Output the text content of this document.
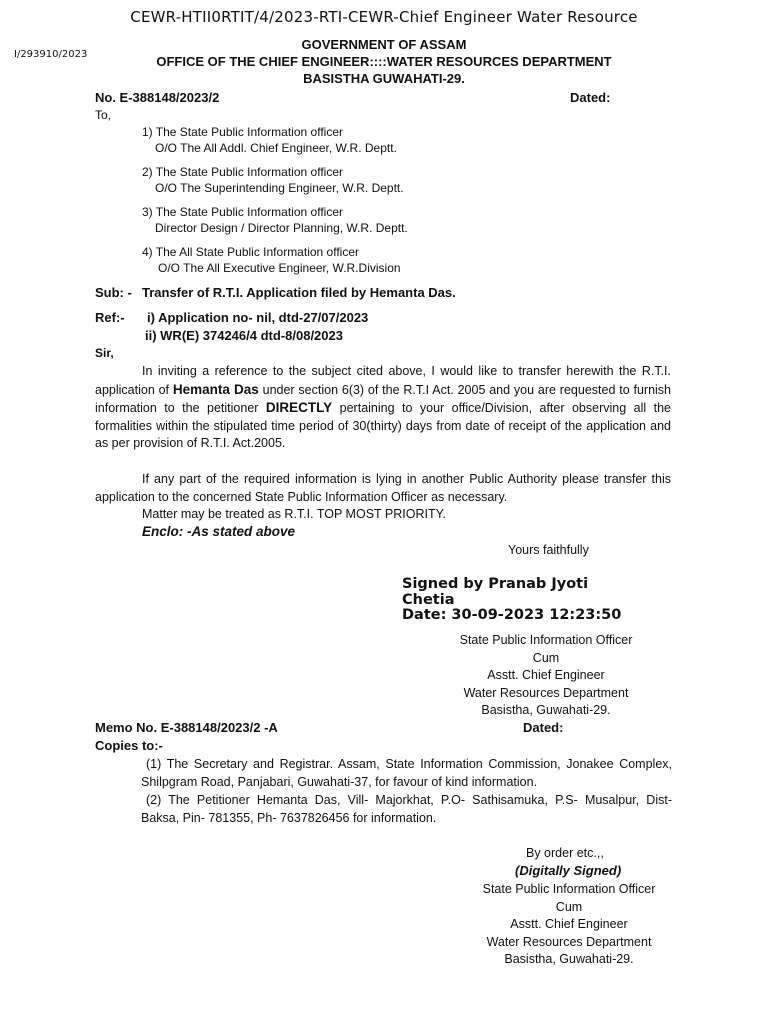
CEWR-HTII0RTIT/4/2023-RTI-CEWR-Chief Engineer Water Resource
I/293910/2023
GOVERNMENT OF ASSAM
OFFICE OF THE CHIEF ENGINEER::::WATER RESOURCES DEPARTMENT
BASISTHA GUWAHATI-29.
No. E-388148/2023/2	Dated:
To,
1) The State Public Information officer
O/O The All Addl. Chief Engineer, W.R. Deptt.
2) The State Public Information officer
O/O The Superintending Engineer, W.R. Deptt.
3) The State Public Information officer
Director Design / Director Planning, W.R. Deptt.
4) The All State Public Information officer
O/O The All Executive Engineer, W.R.Division
Sub: - Transfer of R.T.I. Application filed by Hemanta Das.
Ref:- i) Application no- nil, dtd-27/07/2023
ii) WR(E) 374246/4 dtd-8/08/2023
Sir,
In inviting a reference to the subject cited above, I would like to transfer herewith the R.T.I. application of Hemanta Das under section 6(3) of the R.T.I Act. 2005 and you are requested to furnish information to the petitioner DIRECTLY pertaining to your office/Division, after observing all the formalities within the stipulated time period of 30(thirty) days from date of receipt of the application and as per provision of R.T.I. Act.2005.
If any part of the required information is lying in another Public Authority please transfer this application to the concerned State Public Information Officer as necessary.
Matter may be treated as R.T.I. TOP MOST PRIORITY.
Enclo: -As stated above
Yours faithfully
Signed by Pranab Jyoti
Chetia
Date: 30-09-2023 12:23:50
State Public Information Officer
Cum
Asstt. Chief Engineer
Water Resources Department
Basistha, Guwahati-29.
Memo No. E-388148/2023/2 -A	Dated:
Copies to:-
(1) The Secretary and Registrar. Assam, State Information Commission, Jonakee Complex, Shilpgram Road, Panjabari, Guwahati-37, for favour of kind information.
(2) The Petitioner Hemanta Das, Vill- Majorkhat, P.O- Sathisamuka, P.S- Musalpur, Dist- Baksa, Pin- 781355, Ph- 7637826456 for information.
By order etc.,,
(Digitally Signed)
State Public Information Officer
Cum
Asstt. Chief Engineer
Water Resources Department
Basistha, Guwahati-29.
